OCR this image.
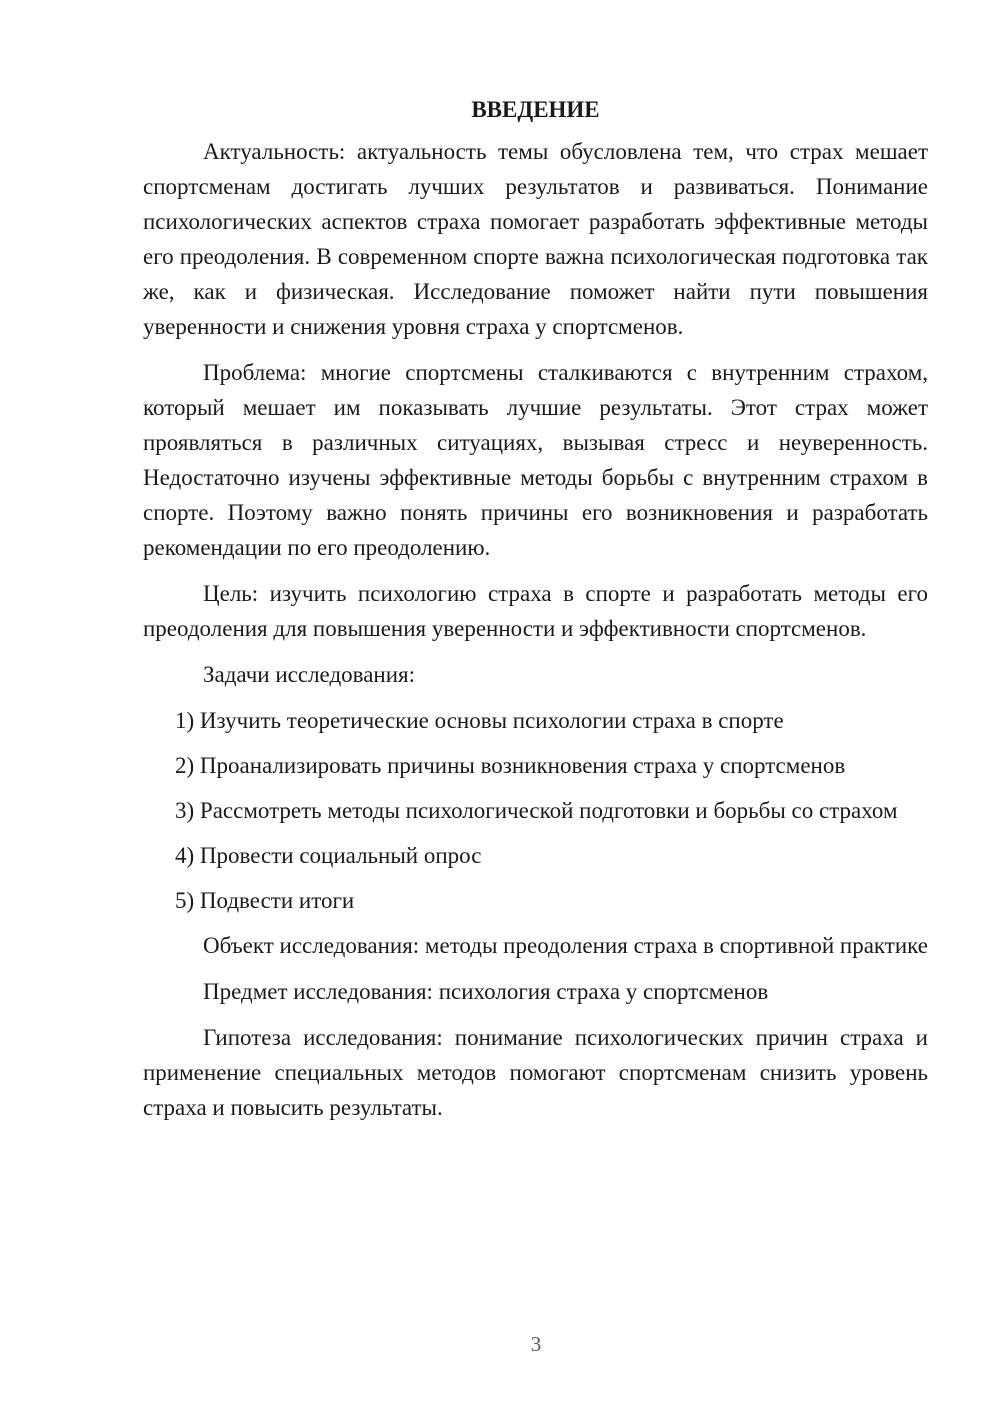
ВВЕДЕНИЕ

Актуальность: актуальность темы обусловлена тем, что страх мешает спортсменам достигать лучших результатов и развиваться. Понимание психологических аспектов страха помогает разработать эффективные методы его преодоления. В современном спорте важна психологическая подготовка так же, как и физическая. Исследование поможет найти пути повышения уверенности и снижения уровня страха у спортсменов.

Проблема: многие спортсмены сталкиваются с внутренним страхом, который мешает им показывать лучшие результаты. Этот страх может проявляться в различных ситуациях, вызывая стресс и неуверенность. Недостаточно изучены эффективные методы борьбы с внутренним страхом в спорте. Поэтому важно понять причины его возникновения и разработать рекомендации по его преодолению.

Цель: изучить психологию страха в спорте и разработать методы его преодоления для повышения уверенности и эффективности спортсменов.

Задачи исследования:

1) Изучить теоретические основы психологии страха в спорте

2) Проанализировать причины возникновения страха у спортсменов

3) Рассмотреть методы психологической подготовки и борьбы со страхом

4) Провести социальный опрос

5) Подвести итоги

Объект исследования: методы преодоления страха в спортивной практике

Предмет исследования: психология страха у спортсменов

Гипотеза исследования: понимание психологических причин страха и применение специальных методов помогают спортсменам снизить уровень страха и повысить результаты.

3
